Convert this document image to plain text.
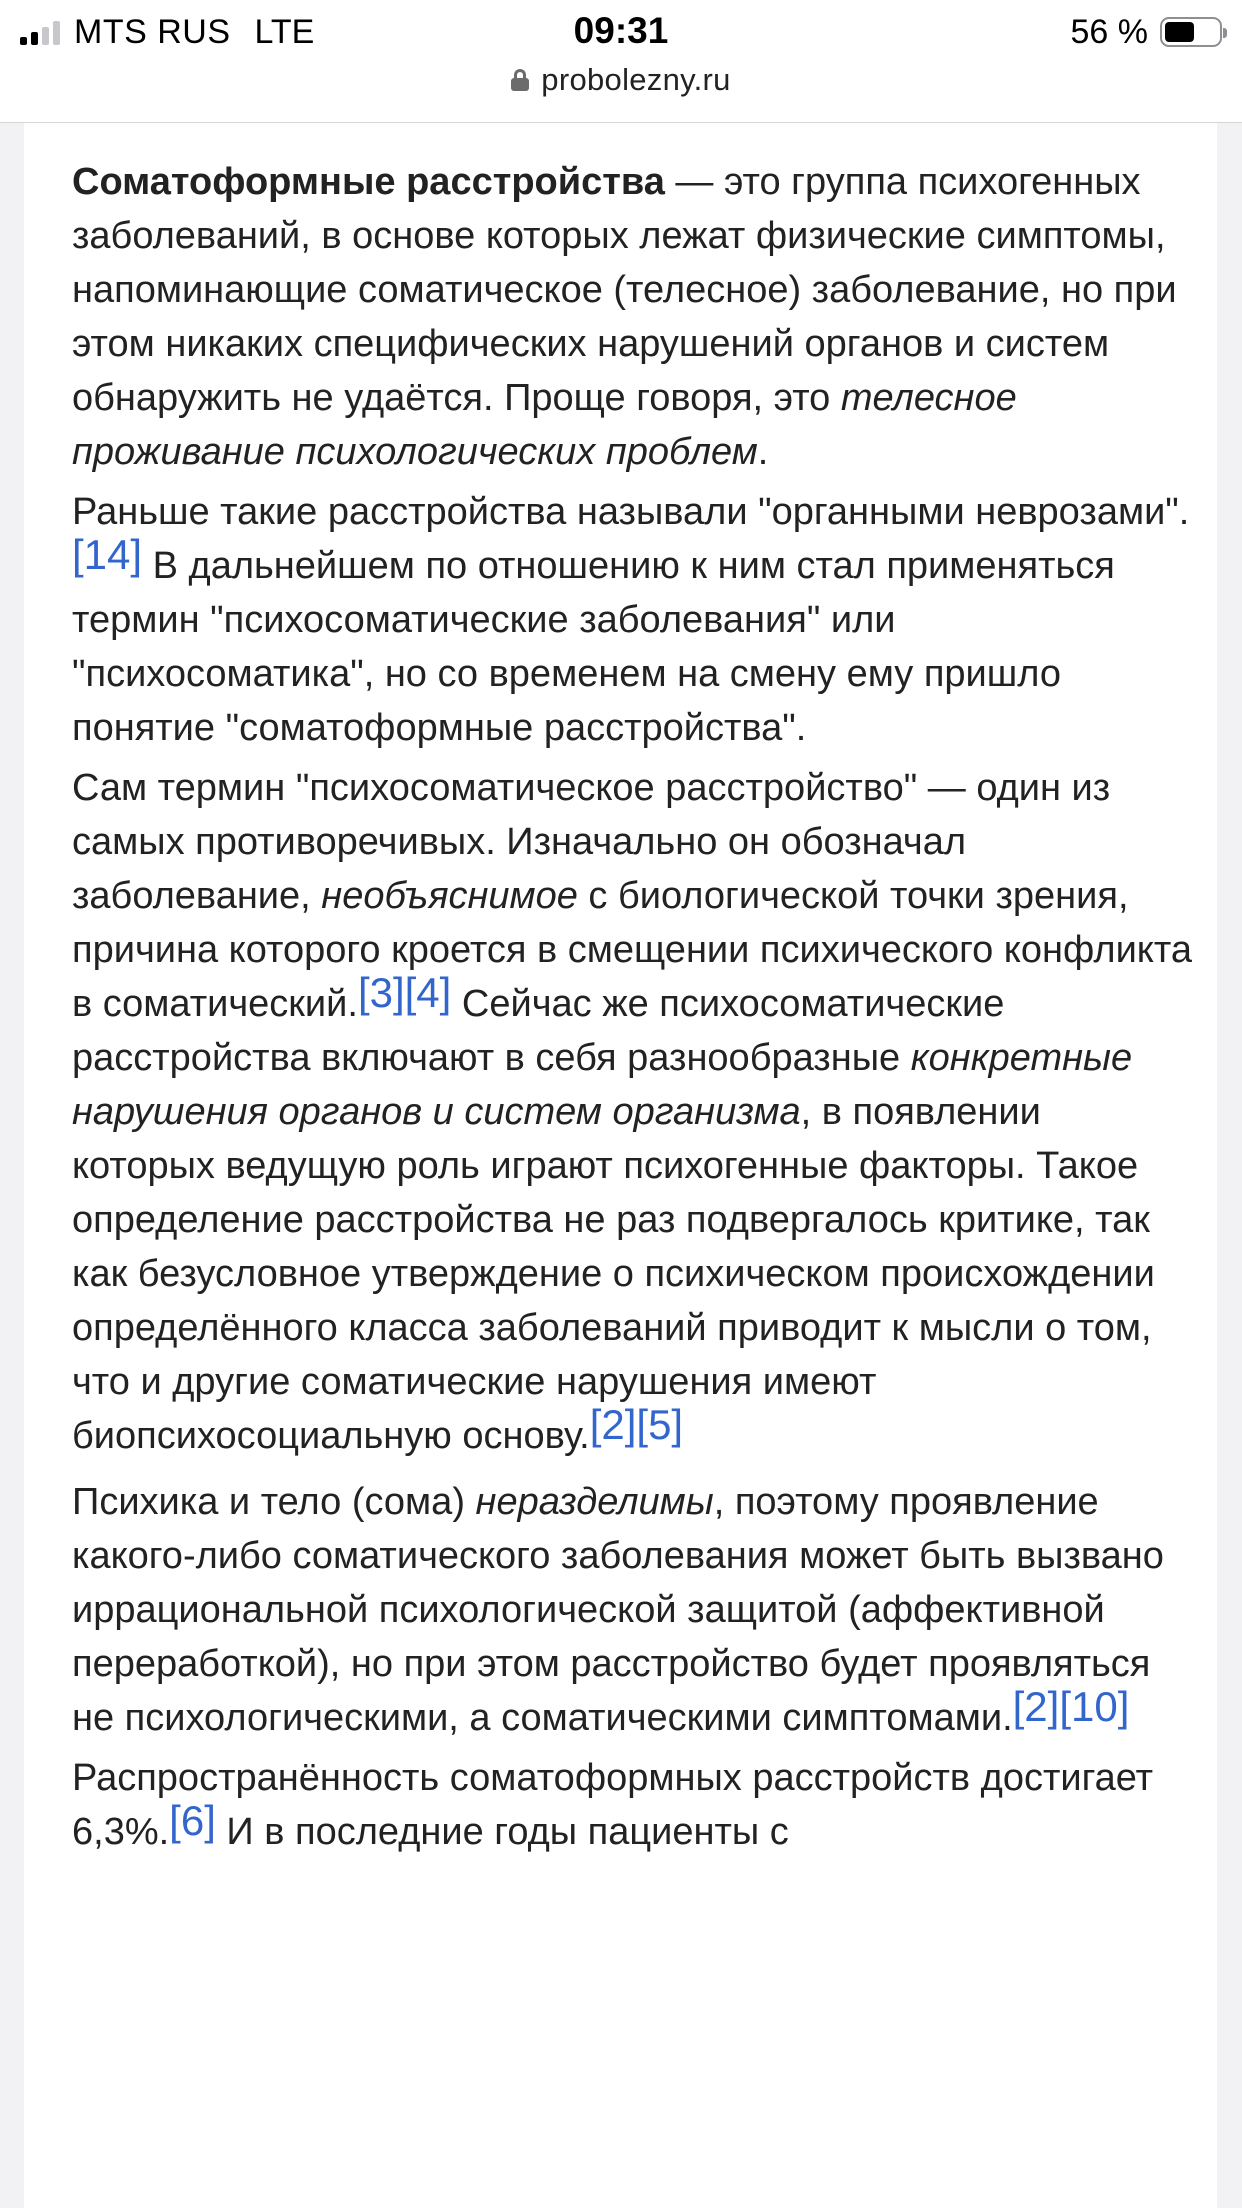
MTS RUS LTE	09:31	56 %
probolezny.ru

Соматоформные расстройства — это группа психогенных заболеваний, в основе которых лежат физические симптомы, напоминающие соматическое (телесное) заболевание, но при этом никаких специфических нарушений органов и систем обнаружить не удаётся. Проще говоря, это телесное проживание психологических проблем.

Раньше такие расстройства называли "органными неврозами".[14] В дальнейшем по отношению к ним стал применяться термин "психосоматические заболевания" или "психосоматика", но со временем на смену ему пришло понятие "соматоформные расстройства".

Сам термин "психосоматическое расстройство" — один из самых противоречивых. Изначально он обозначал заболевание, необъяснимое с биологической точки зрения, причина которого кроется в смещении психического конфликта в соматический.[3][4] Сейчас же психосоматические расстройства включают в себя разнообразные конкретные нарушения органов и систем организма, в появлении которых ведущую роль играют психогенные факторы. Такое определение расстройства не раз подвергалось критике, так как безусловное утверждение о психическом происхождении определённого класса заболеваний приводит к мысли о том, что и другие соматические нарушения имеют биопсихосоциальную основу.[2][5]

Психика и тело (сома) неразделимы, поэтому проявление какого-либо соматического заболевания может быть вызвано иррациональной психологической защитой (аффективной переработкой), но при этом расстройство будет проявляться не психологическими, а соматическими симптомами.[2][10]

Распространённость соматоформных расстройств достигает 6,3%.[6] И в последние годы пациенты с
